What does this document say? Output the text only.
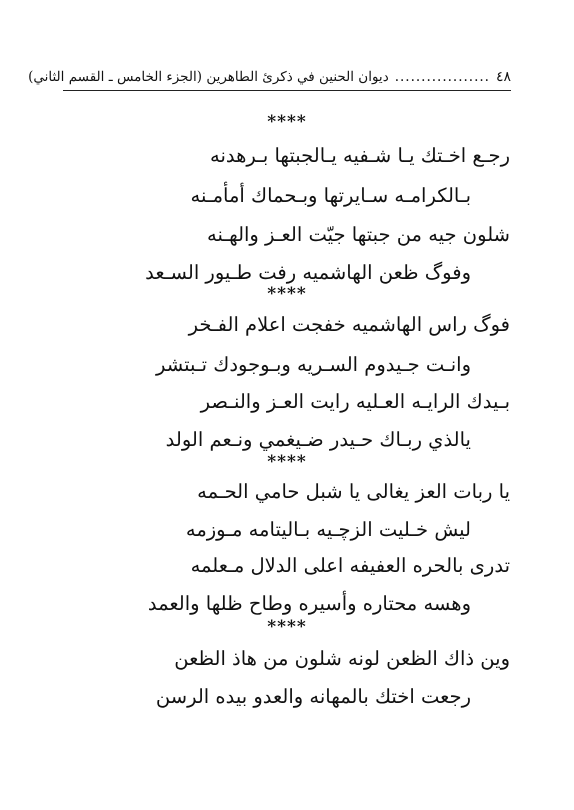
٤٨
..................
ديوان الحنين في ذكرئ الطاهرين (الجزء الخامس ـ القسم الثاني)
****
رجـع اخـتك يـا شـفيه يـالجبتها بـرهدنه
بـالكرامـه سـايرتها وبـحماك أمأمـنه
شلون جيه من جبتها جيّت العـز والهـنه
وفوگ ظعن الهاشميه رفت طـيور السـعد
****
فوگ راس الهاشميه خفجت اعلام الفـخر
وانـت جـيدوم السـريه وبـوجودك تـبتشر
بـيدك الرايـه العـليه رايت العـز والنـصر
يالذي ربـاك حـيدر ضـيغمي ونـعم الولد
****
يا ربات العز يغالى يا شبل حامي الحـمه
ليش خـليت الزچـيه بـاليتامه مـوزمه
تدرى بالحره العفيفه اعلى الدلال مـعلمه
وهسه محتاره وأسيره وطاح ظلها والعمد
****
وين ذاك الظعن لونه شلون من هاذ الظعن
رجعت اختك بالمهانه والعدو بيده الرسن
